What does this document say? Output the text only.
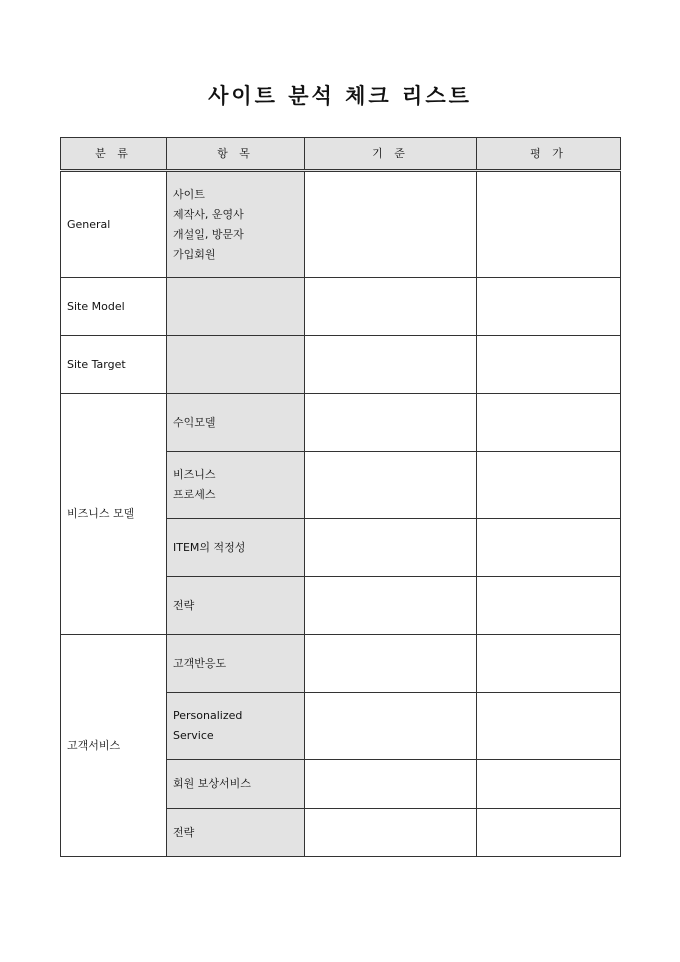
사이트 분석 체크 리스트
분 류	항 목	기 준	평 가
General	사이트
제작사, 운영사
개설일, 방문자
가입회원		

Site Model			
Site Target			
비즈니스 모델	수익모델		

	비즈니스
프로세스		

	ITEM의 적정성		

	전략		

고객서비스	고객반응도		

	Personalized
Service		

	회원 보상서비스		

	전략		
